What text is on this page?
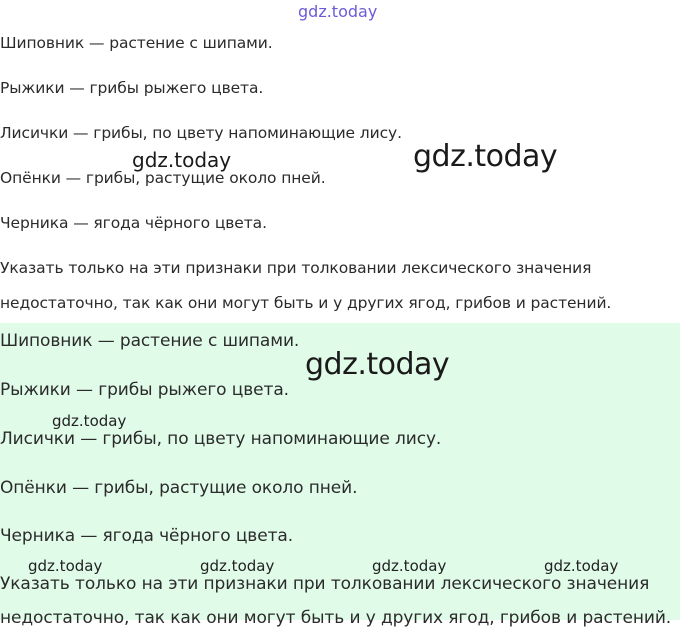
Шиповник — растение с шипами.

Рыжики — грибы рыжего цвета.

Лисички — грибы, по цвету напоминающие лису.

Опёнки — грибы, растущие около пней.

Черника — ягода чёрного цвета.

Указать только на эти признаки при толковании лексического значения

недостаточно, так как они могут быть и у других ягод, грибов и растений.

Шиповник — растение с шипами.

Рыжики — грибы рыжего цвета.

Лисички — грибы, по цвету напоминающие лису.

Опёнки — грибы, растущие около пней.

Черника — ягода чёрного цвета.

Указать только на эти признаки при толковании лексического значения

недостаточно, так как они могут быть и у других ягод, грибов и растений.

gdz.today
gdz.today	gdz.today
gdz.today
gdz.today
gdz.today	gdz.today	gdz.today	gdz.today
